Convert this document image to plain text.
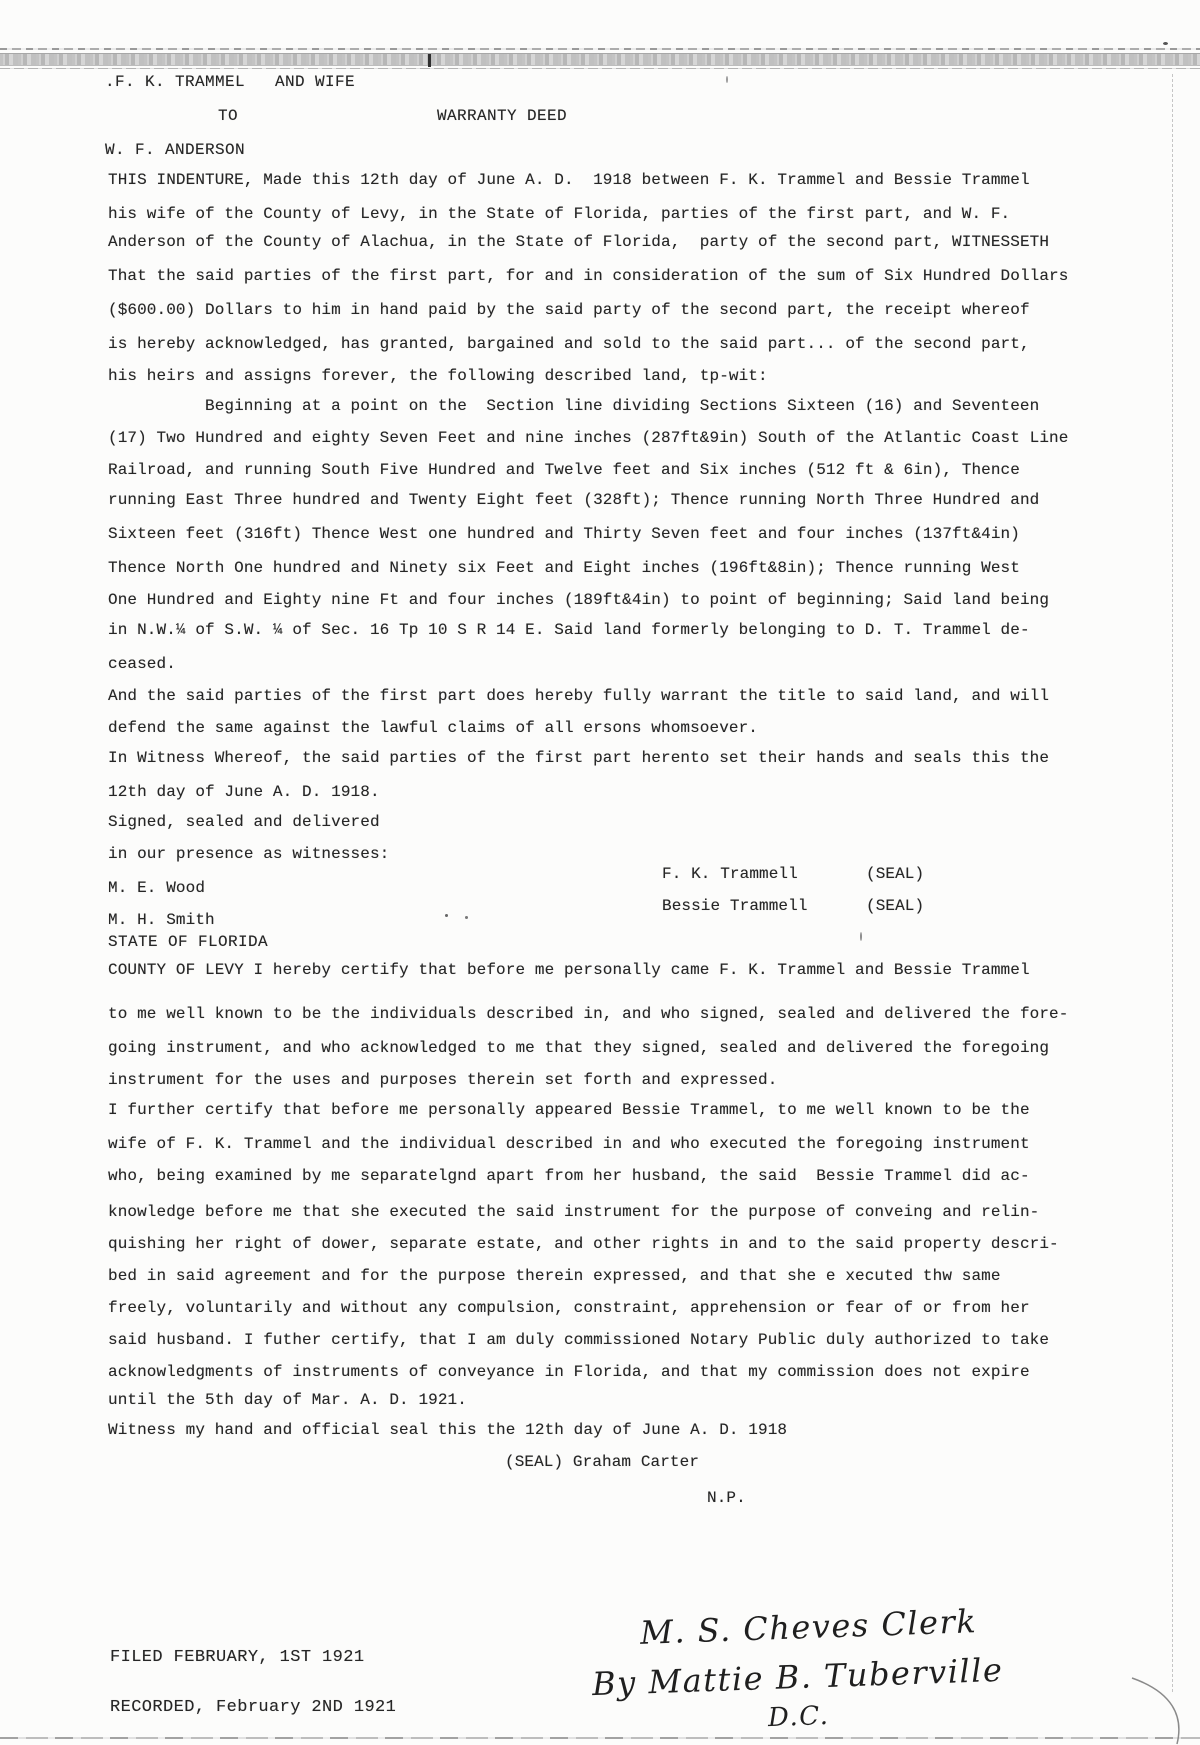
.F. K. TRAMMEL   AND WIFE
TO	WARRANTY DEED
W. F. ANDERSON
THIS INDENTURE, Made this 12th day of June A. D.  1918 between F. K. Trammel and Bessie Trammel
his wife of the County of Levy, in the State of Florida, parties of the first part, and W. F.
Anderson of the County of Alachua, in the State of Florida,  party of the second part, WITNESSETH
That the said parties of the first part, for and in consideration of the sum of Six Hundred Dollars
($600.00) Dollars to him in hand paid by the said party of the second part, the receipt whereof
is hereby acknowledged, has granted, bargained and sold to the said part... of the second part,
his heirs and assigns forever, the following described land, tp-wit:
Beginning at a point on the  Section line dividing Sections Sixteen (16) and Seventeen
(17) Two Hundred and eighty Seven Feet and nine inches (287ft&9in) South of the Atlantic Coast Line
Railroad, and running South Five Hundred and Twelve feet and Six inches (512 ft & 6in), Thence
running East Three hundred and Twenty Eight feet (328ft); Thence running North Three Hundred and
Sixteen feet (316ft) Thence West one hundred and Thirty Seven feet and four inches (137ft&4in)
Thence North One hundred and Ninety six Feet and Eight inches (196ft&8in); Thence running West
One Hundred and Eighty nine Ft and four inches (189ft&4in) to point of beginning; Said land being
in N.W.¼ of S.W. ¼ of Sec. 16 Tp 10 S R 14 E. Said land formerly belonging to D. T. Trammel de-
ceased.
And the said parties of the first part does hereby fully warrant the title to said land, and will
defend the same against the lawful claims of all ersons whomsoever.
In Witness Whereof, the said parties of the first part herento set their hands and seals this the
12th day of June A. D. 1918.
Signed, sealed and delivered
in our presence as witnesses:
M. E. Wood
M. H. Smith
F. K. Trammell	(SEAL)
Bessie Trammell	(SEAL)
STATE OF FLORIDA
COUNTY OF LEVY I hereby certify that before me personally came F. K. Trammel and Bessie Trammel
to me well known to be the individuals described in, and who signed, sealed and delivered the fore-
going instrument, and who acknowledged to me that they signed, sealed and delivered the foregoing
instrument for the uses and purposes therein set forth and expressed.
I further certify that before me personally appeared Bessie Trammel, to me well known to be the
wife of F. K. Trammel and the individual described in and who executed the foregoing instrument
who, being examined by me separatelgnd apart from her husband, the said  Bessie Trammel did ac-
knowledge before me that she executed the said instrument for the purpose of conveing and relin-
quishing her right of dower, separate estate, and other rights in and to the said property descri-
bed in said agreement and for the purpose therein expressed, and that she e xecuted thw same
freely, voluntarily and without any compulsion, constraint, apprehension or fear of or from her
said husband. I futher certify, that I am duly commissioned Notary Public duly authorized to take
acknowledgments of instruments of conveyance in Florida, and that my commission does not expire
until the 5th day of Mar. A. D. 1921.
Witness my hand and official seal this the 12th day of June A. D. 1918
(SEAL) Graham Carter
N.P.
FILED FEBRUARY, 1ST 1921
RECORDED, February 2ND 1921
M. S. Cheves Clerk
By Mattie B. Tuberville
D.C.
